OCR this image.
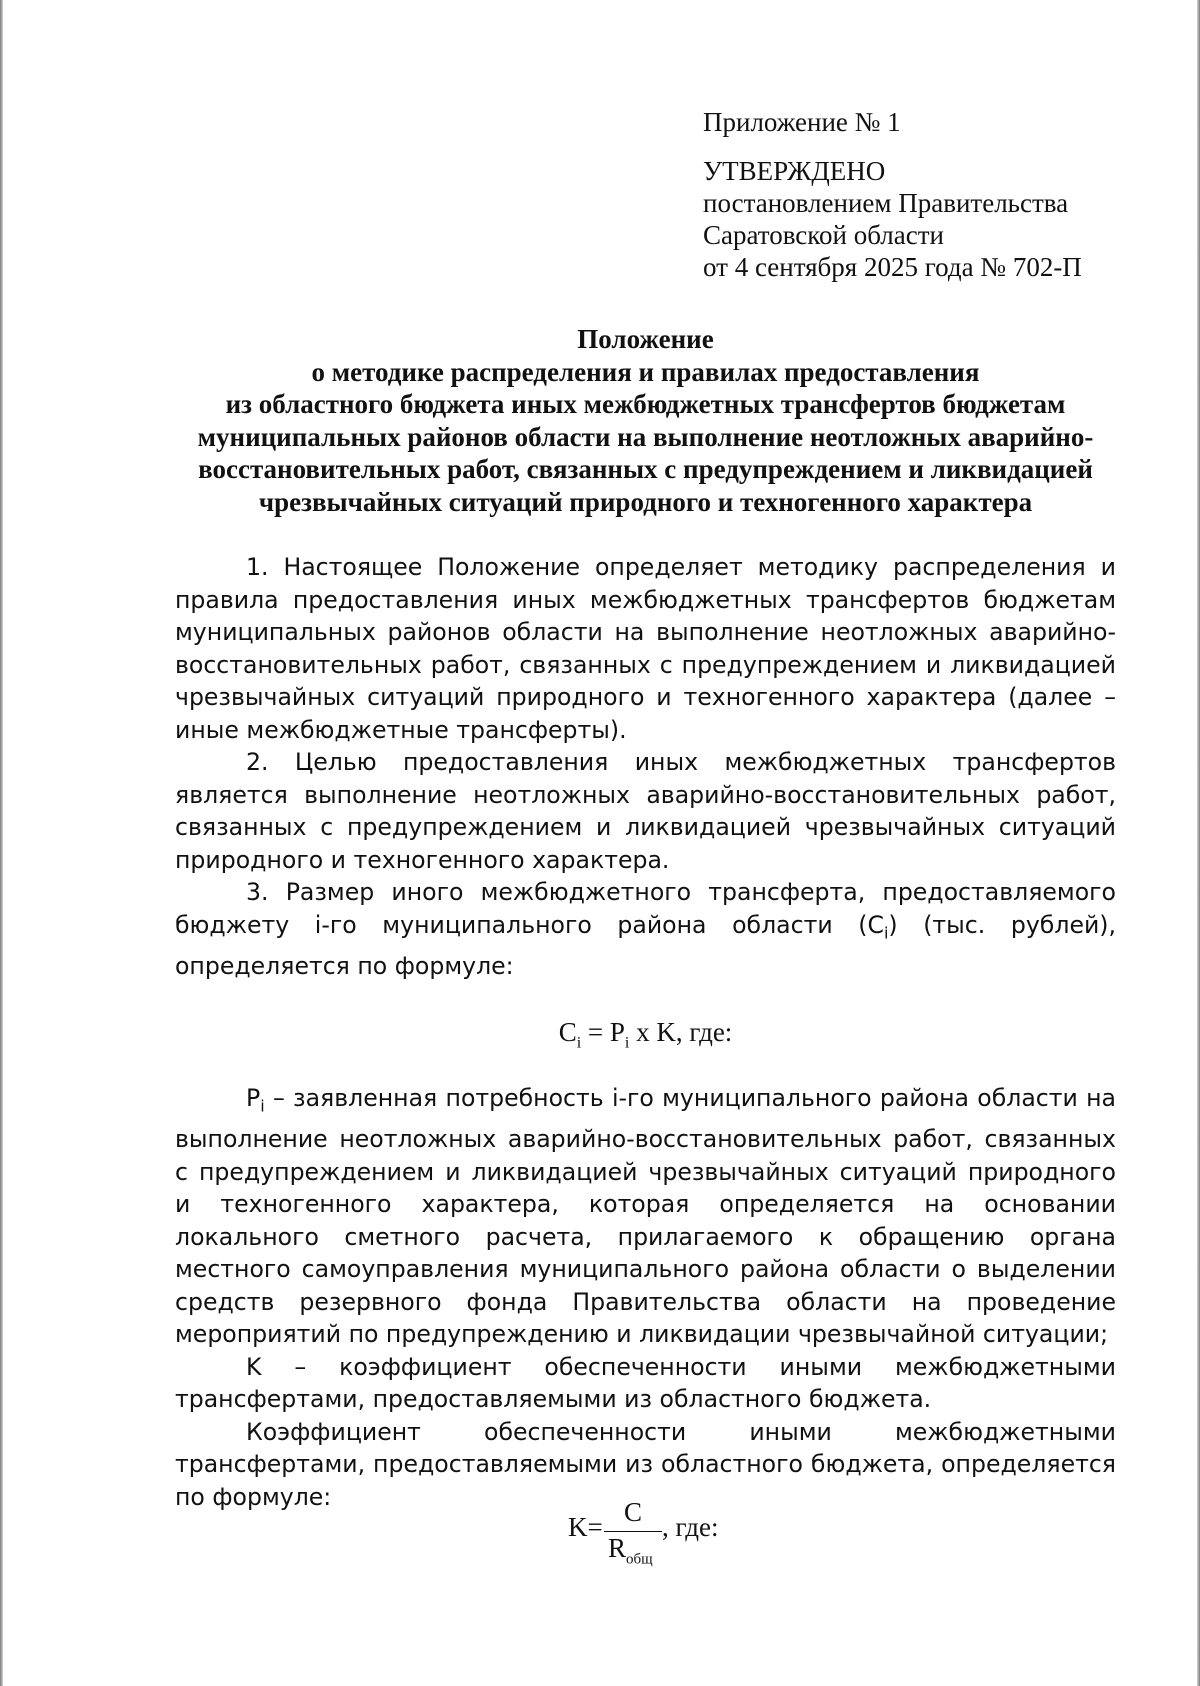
Приложение № 1
УТВЕРЖДЕНО
постановлением Правительства
Саратовской области
от 4 сентября 2025 года № 702-П
Положение
о методике распределения и правилах предоставления
из областного бюджета иных межбюджетных трансфертов бюджетам
муниципальных районов области на выполнение неотложных аварийно-
восстановительных работ, связанных с предупреждением и ликвидацией
чрезвычайных ситуаций природного и техногенного характера

1. Настоящее Положение определяет методику распределения и правила предоставления иных межбюджетных трансфертов бюджетам муниципальных районов области на выполнение неотложных аварийно-восстановительных работ, связанных с предупреждением и ликвидацией чрезвычайных ситуаций природного и техногенного характера (далее – иные межбюджетные трансферты).

2. Целью предоставления иных межбюджетных трансфертов является выполнение неотложных аварийно-восстановительных работ, связанных с предупреждением и ликвидацией чрезвычайных ситуаций природного и техногенного характера.

3. Размер иного межбюджетного трансферта, предоставляемого бюджету i-го муниципального района области $(C_i)$ (тыс. рублей), определяется по формуле:

$C_i = P_i$ x K, где:

$P_i$ – заявленная потребность i-го муниципального района области на выполнение неотложных аварийно-восстановительных работ, связанных с предупреждением и ликвидацией чрезвычайных ситуаций природного и техногенного характера, которая определяется на основании локального сметного расчета, прилагаемого к обращению органа местного самоуправления муниципального района области о выделении средств резервного фонда Правительства области на проведение мероприятий по предупреждению и ликвидации чрезвычайной ситуации;

K – коэффициент обеспеченности иными межбюджетными трансфертами, предоставляемыми из областного бюджета.

Коэффициент обеспеченности иными межбюджетными трансфертами, предоставляемыми из областного бюджета, определяется по формуле:

K= C
$R_{общ}$
, где:
